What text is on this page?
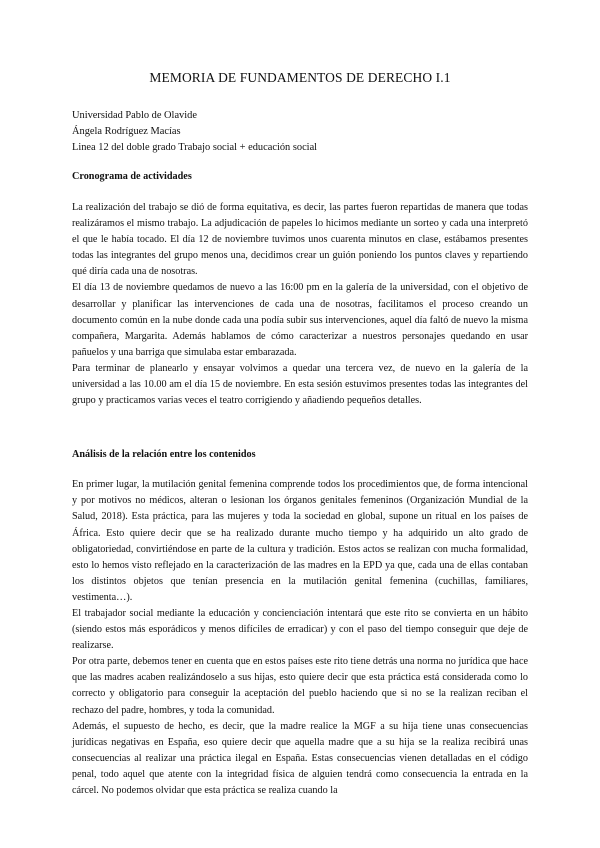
MEMORIA DE FUNDAMENTOS DE DERECHO I.1

Universidad Pablo de Olavide

Ángela Rodríguez Macías

Linea 12 del doble grado Trabajo social + educación social

Cronograma de actividades

La realización del trabajo se dió de forma equitativa, es decir, las partes fueron repartidas de manera que todas realizáramos el mismo trabajo. La adjudicación de papeles lo hicimos mediante un sorteo y cada una interpretó el que le había tocado. El día 12 de noviembre tuvimos unos cuarenta minutos en clase, estábamos presentes todas las integrantes del grupo menos una, decidimos crear un guión poniendo los puntos claves y repartiendo qué diría cada una de nosotras.

El día 13 de noviembre quedamos de nuevo a las 16:00 pm en la galería de la universidad, con el objetivo de desarrollar y planificar las intervenciones de cada una de nosotras, facilitamos el proceso creando un documento común en la nube donde cada una podía subir sus intervenciones, aquel día faltó de nuevo la misma compañera, Margarita. Además hablamos de cómo caracterizar a nuestros personajes quedando en usar pañuelos y una barriga que simulaba estar embarazada.

Para terminar de planearlo y ensayar volvimos a quedar una tercera vez, de nuevo en la galería de la universidad a las 10.00 am el día 15 de noviembre. En esta sesión estuvimos presentes todas las integrantes del grupo y practicamos varias veces el teatro corrigiendo y añadiendo pequeños detalles.

Análisis de la relación entre los contenidos

En primer lugar, la mutilación genital femenina comprende todos los procedimientos que, de forma intencional y por motivos no médicos, alteran o lesionan los órganos genitales femeninos (Organización Mundial de la Salud, 2018). Esta práctica, para las mujeres y toda la sociedad en global, supone un ritual en los países de África. Esto quiere decir que se ha realizado durante mucho tiempo y ha adquirido un alto grado de obligatoriedad, convirtiéndose en parte de la cultura y tradición. Estos actos se realizan con mucha formalidad, esto lo hemos visto reflejado en la caracterización de las madres en la EPD ya que, cada una de ellas contaban los distintos objetos que tenían presencia en la mutilación genital femenina (cuchillas, familiares, vestimenta…).

El trabajador social mediante la educación y concienciación intentará que este rito se convierta en un hábito (siendo estos más esporádicos y menos difíciles de erradicar) y con el paso del tiempo conseguir que deje de realizarse.

Por otra parte, debemos tener en cuenta que en estos países este rito tiene detrás una norma no jurídica que hace que las madres acaben realizándoselo a sus hijas, esto quiere decir que esta práctica está considerada como lo correcto y obligatorio para conseguir la aceptación del pueblo haciendo que si no se la realizan reciban el rechazo del padre, hombres, y toda la comunidad.

Además, el supuesto de hecho, es decir, que la madre realice la MGF a su hija tiene unas consecuencias jurídicas negativas en España, eso quiere decir que aquella madre que a su hija se la realiza recibirá unas consecuencias al realizar una práctica ilegal en España. Estas consecuencias vienen detalladas en el código penal, todo aquel que atente con la integridad física de alguien tendrá como consecuencia la entrada en la cárcel. No podemos olvidar que esta práctica se realiza cuando la
